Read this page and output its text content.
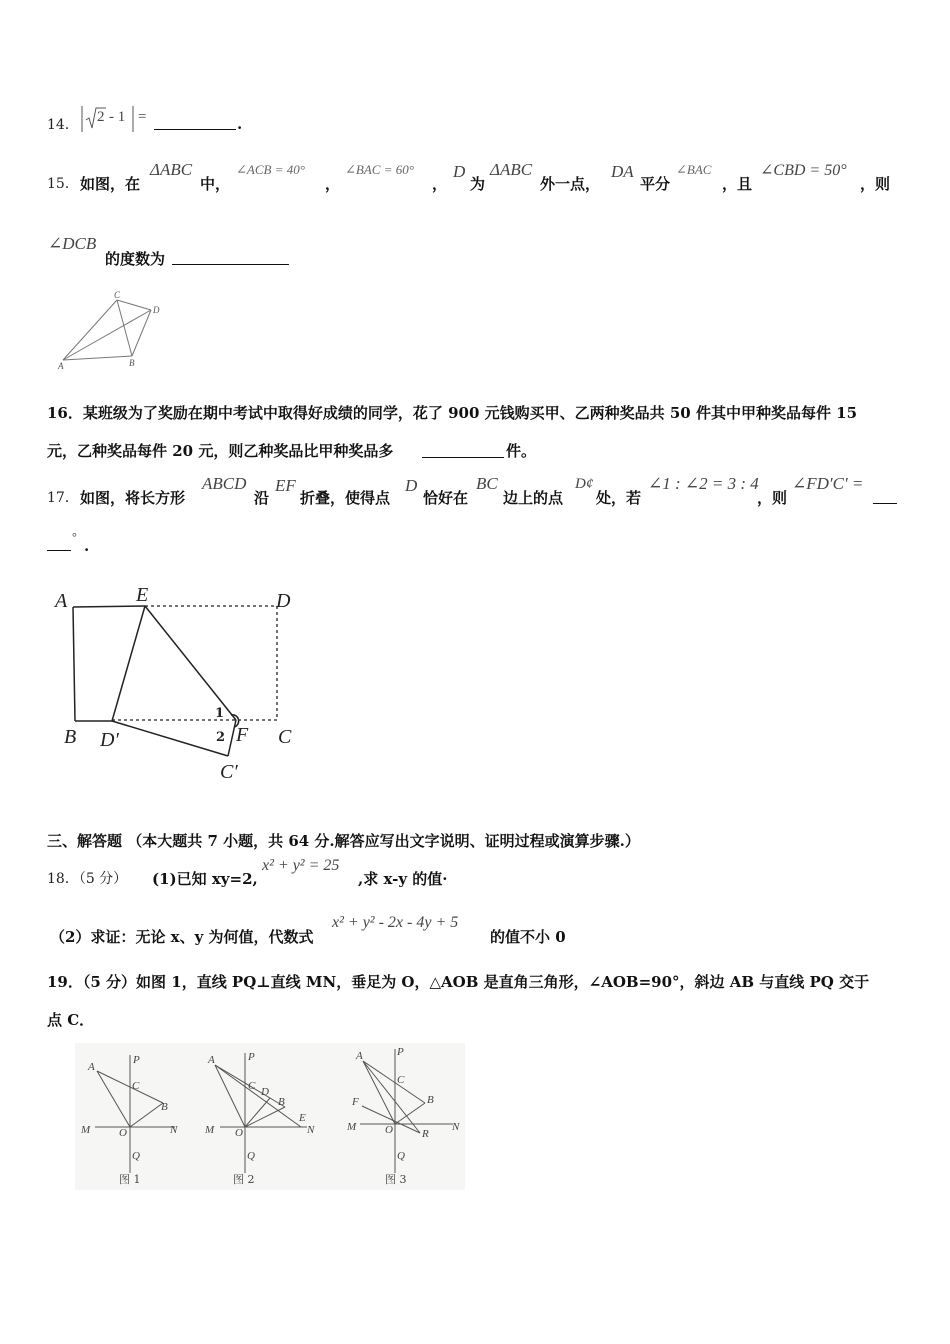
14． 2 - 1 =	.
15． 如图，在
ΔABC
中，
∠ACB = 40°
，
∠BAC = 60°
，
D
为
ΔABC
外一点，
DA
平分
∠BAC
，且
∠CBD = 50°
，则
∠DCB
的度数为
A
C
D
B
16．某班级为了奖励在期中考试中取得好成绩的同学，花了 900 元钱购买甲、乙两种奖品共 50 件其中甲种奖品每件 15
元，乙种奖品每件 20 元，则乙种奖品比甲种奖品多	件。
17． 如图，将长方形
ABCD
沿
EF
折叠，使得点
D
恰好在
BC
边上的点
D¢
处，若
∠1 : ∠2 = 3 : 4
，则
∠FD′C′ =
° .
A	E	D
B D′	F C
C′
1
2
三、解答题 （本大题共 7 小题，共 64 分.解答应写出文字说明、证明过程或演算步骤.）
18．（5 分） (1)已知 xy=2,
x² + y² = 25
,求 x-y 的值·
（2）求证：无论 x、y 为何值，代数式
x² + y² - 2x - 4y + 5
的值不小 0
19．（5 分）如图 1，直线 PQ⊥直线 MN，垂足为 O，△AOB 是直角三角形，∠AOB=90°，斜边 AB 与直线 PQ 交于
点 C．
A
P
C
B
M	O	N
Q
图 1
A	P
C D
B
E
M O	N
Q
图 2
A	P
C
F	B
M	O	R
N
Q
图 3
